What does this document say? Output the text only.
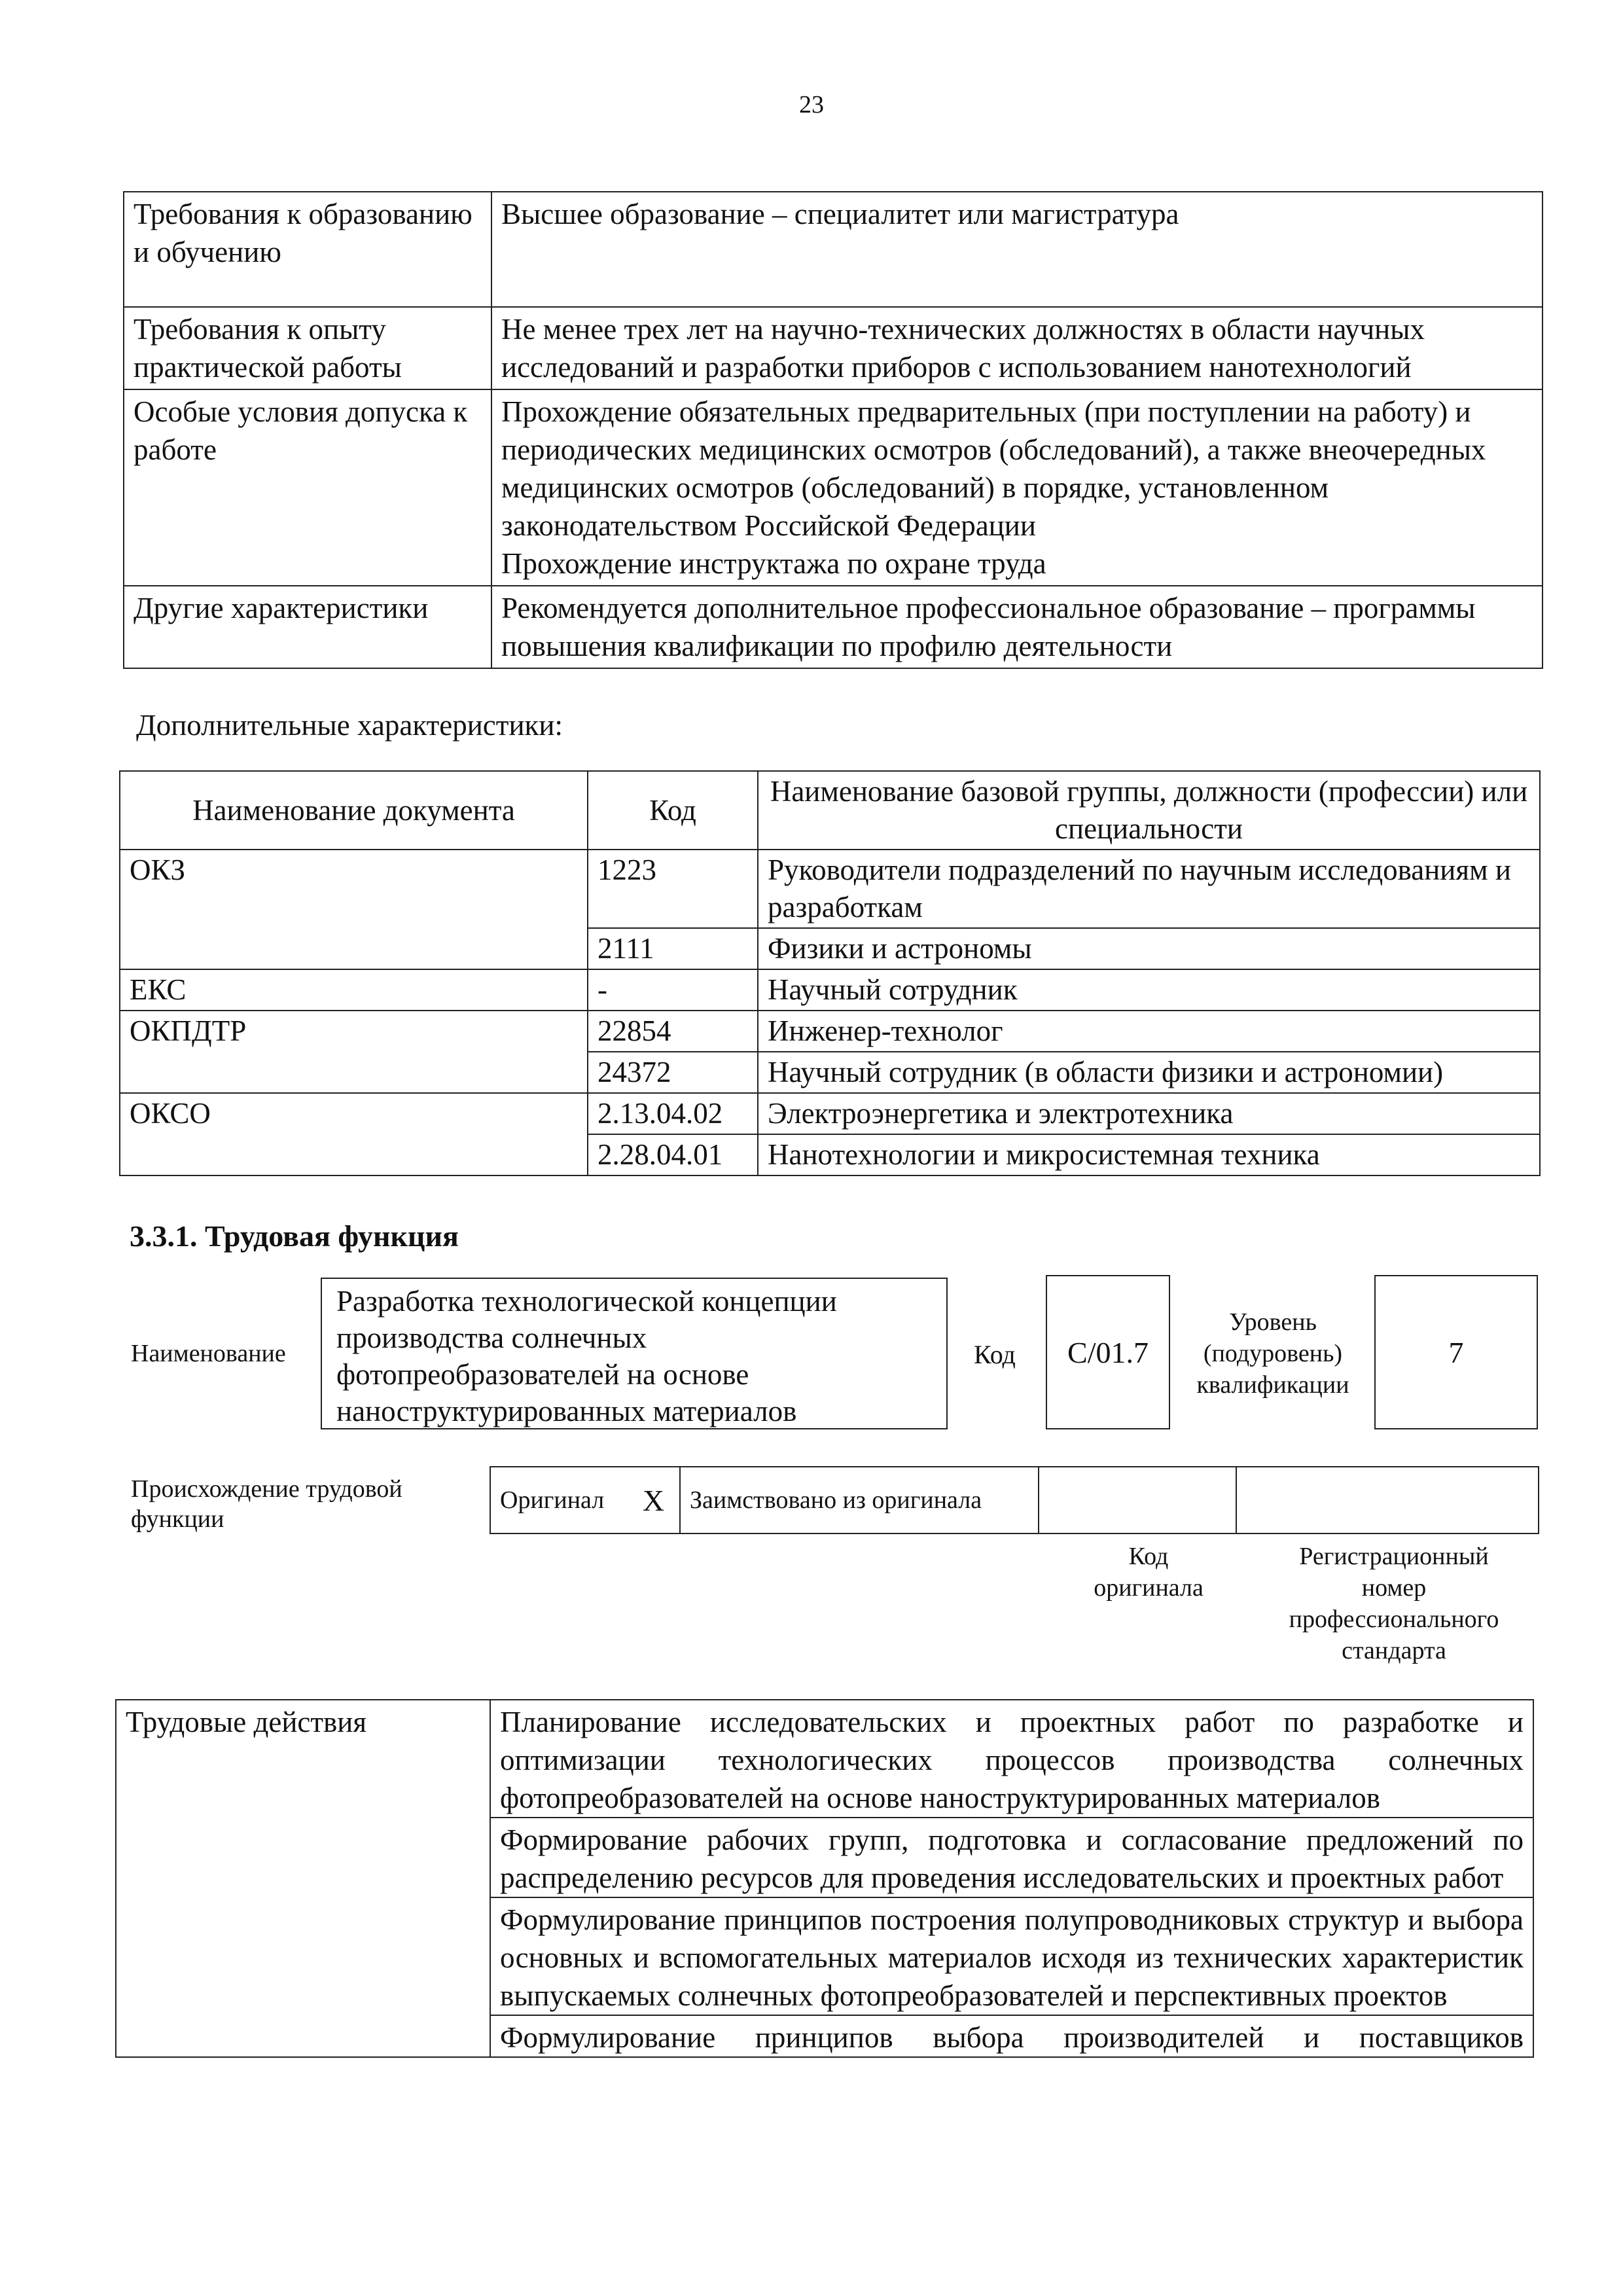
23
Требования к образованию и обучению	Высшее образование – специалитет или магистратура
Требования к опыту практической работы	Не менее трех лет на научно-технических должностях в области научных исследований и разработки приборов с использованием нанотехнологий
Особые условия допуска к работе	Прохождение обязательных предварительных (при поступлении на работу) и периодических медицинских осмотров (обследований), а также внеочередных медицинских осмотров (обследований) в порядке, установленном законодательством Российской Федерации
Прохождение инструктажа по охране труда

Другие характеристики	Рекомендуется дополнительное профессиональное образование – программы повышения квалификации по профилю деятельности
Дополнительные характеристики:
Наименование документа	Код	Наименование базовой группы, должности (профессии) или специальности
ОКЗ	1223	Руководители подразделений по научным исследованиям и разработкам
	2111	Физики и астрономы
ЕКС	-	Научный сотрудник
ОКПДТР	22854	Инженер-технолог
	24372	Научный сотрудник (в области физики и астрономии)
ОКСО	2.13.04.02	Электроэнергетика и электротехника
	2.28.04.01	Нанотехнологии и микросистемная техника
3.3.1. Трудовая функция
Наименование
Разработка технологической концепции производства солнечных фотопреобразователей на основе наноструктурированных материалов
Код	C/01.7
Уровень
(подуровень)
квалификации
7
Происхождение трудовой
функции
Оригинал	X	Заимствовано из оригинала		
Код
оригинала
Регистрационный
номер
профессионального
стандарта
Трудовые действия	Планирование исследовательских и проектных работ по разработке и оптимизации технологических процессов производства солнечных фотопреобразователей на основе наноструктурированных материалов
Формирование рабочих групп, подготовка и согласование предложений по распределению ресурсов для проведения исследовательских и проектных работ
Формулирование принципов построения полупроводниковых структур и выбора основных и вспомогательных материалов исходя из технических характеристик выпускаемых солнечных фотопреобразователей и перспективных проектов
Формулирование принципов выбора производителей и поставщиков
